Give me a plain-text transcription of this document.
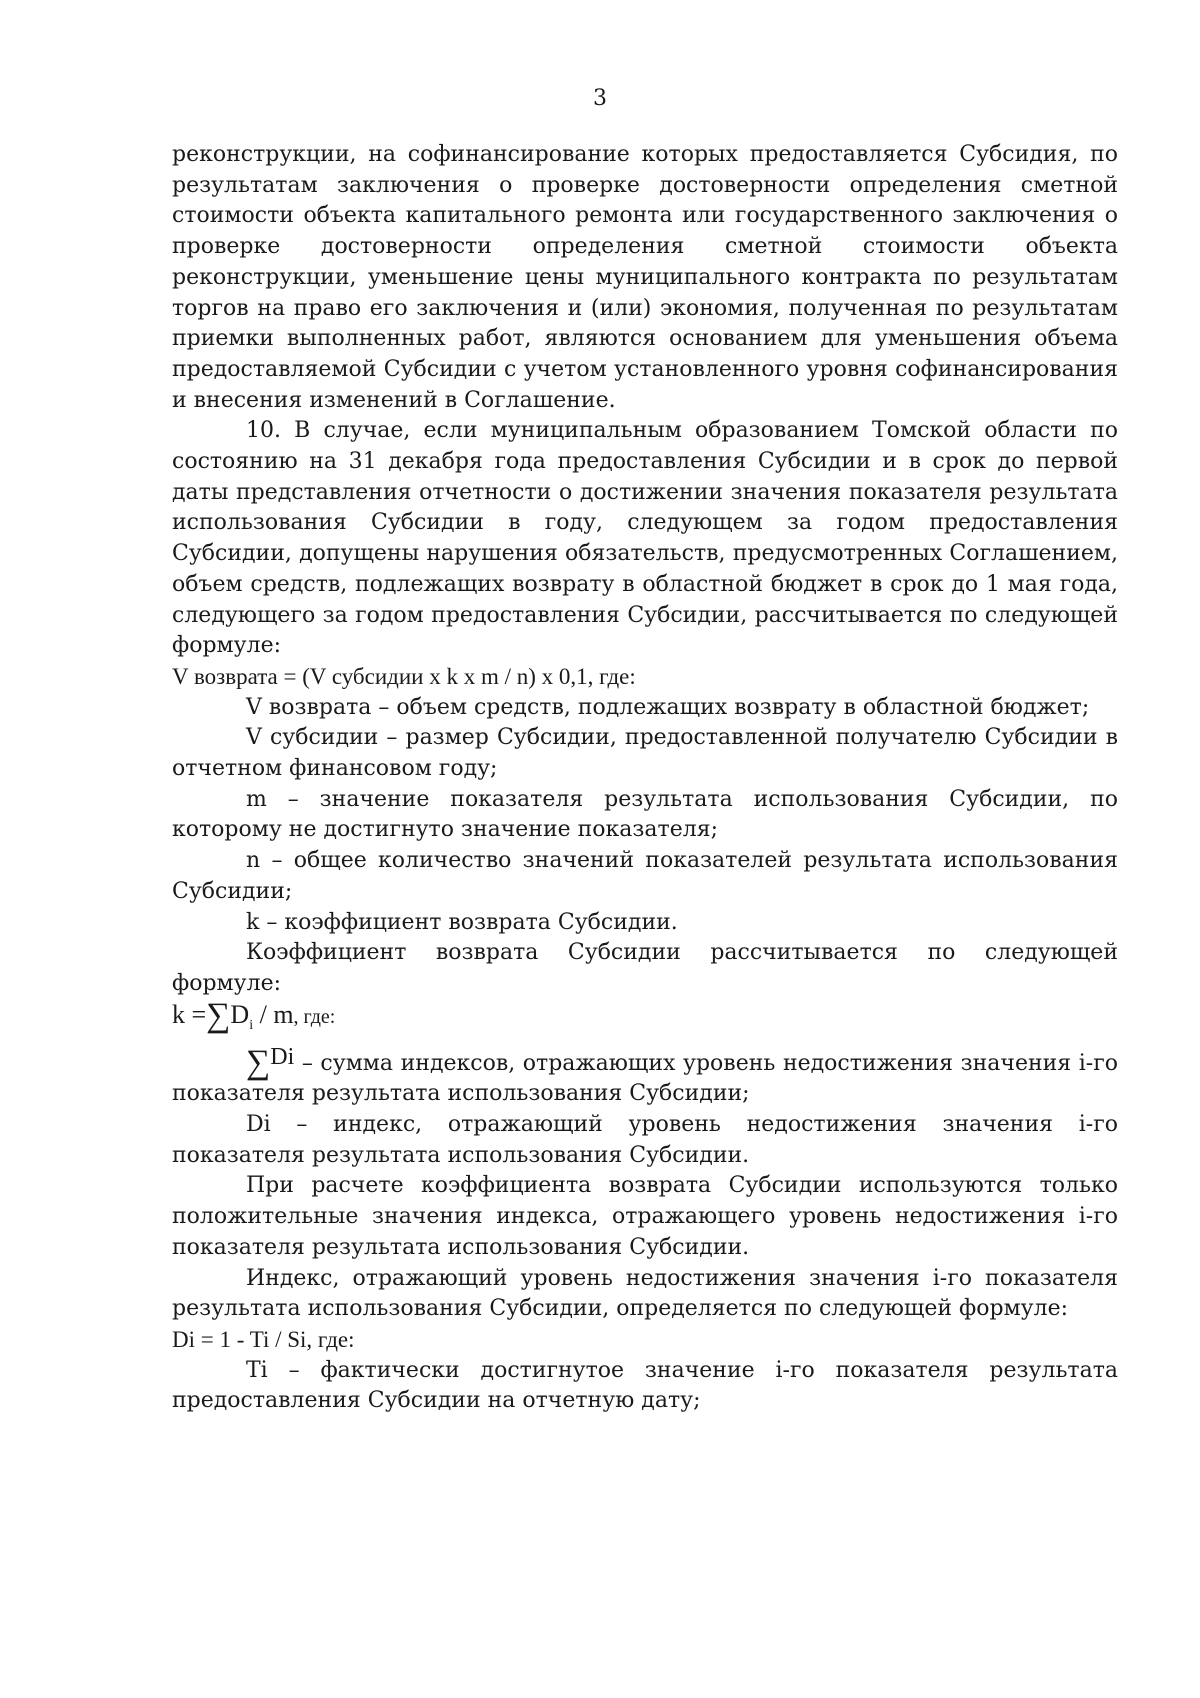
3

реконструкции, на софинансирование которых предоставляется Субсидия, по результатам заключения о проверке достоверности определения сметной стоимости объекта капитального ремонта или государственного заключения о проверке достоверности определения сметной стоимости объекта реконструкции, уменьшение цены муниципального контракта по результатам торгов на право его заключения и (или) экономия, полученная по результатам приемки выполненных работ, являются основанием для уменьшения объема предоставляемой Субсидии с учетом установленного уровня софинансирования и внесения изменений в Соглашение.

10. В случае, если муниципальным образованием Томской области по состоянию на 31 декабря года предоставления Субсидии и в срок до первой даты представления отчетности о достижении значения показателя результата использования Субсидии в году, следующем за годом предоставления Субсидии, допущены нарушения обязательств, предусмотренных Соглашением, объем средств, подлежащих возврату в областной бюджет в срок до 1 мая года, следующего за годом предоставления Субсидии, рассчитывается по следующей формуле:

V возврата = (V субсидии x k x m / n) x 0,1, где:

V возврата – объем средств, подлежащих возврату в областной бюджет;

V субсидии – размер Субсидии, предоставленной получателю Субсидии в отчетном финансовом году;

m – значение показателя результата использования Субсидии, по которому не достигнуто значение показателя;

n – общее количество значений показателей результата использования Субсидии;

k – коэффициент возврата Субсидии.

Коэффициент возврата Субсидии рассчитывается по следующей формуле:

$k =\sum D_i / m$, где:

∑Di – сумма индексов, отражающих уровень недостижения значения i-го показателя результата использования Субсидии;

Di – индекс, отражающий уровень недостижения значения i-го показателя результата использования Субсидии.

При расчете коэффициента возврата Субсидии используются только положительные значения индекса, отражающего уровень недостижения i-го показателя результата использования Субсидии.

Индекс, отражающий уровень недостижения значения i-го показателя результата использования Субсидии, определяется по следующей формуле:

Di = 1 - Ti / Si, где:

Ti – фактически достигнутое значение i-го показателя результата предоставления Субсидии на отчетную дату;
